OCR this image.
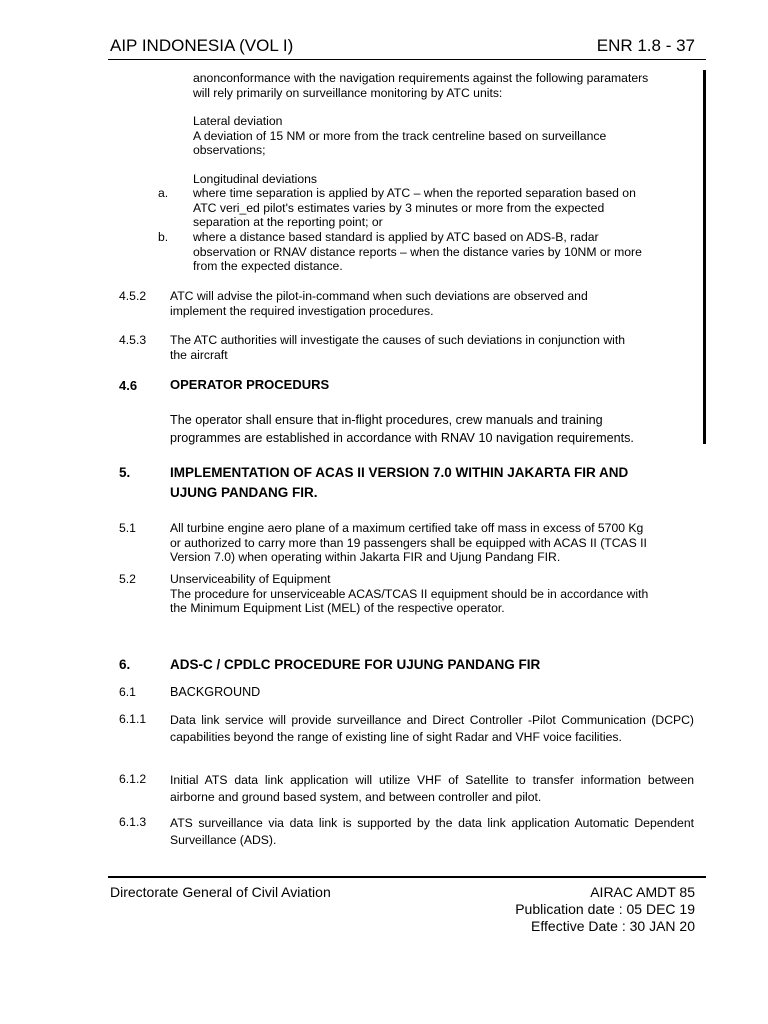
AIP INDONESIA (VOL I)	ENR 1.8 - 37
anonconformance with the navigation requirements against the following paramaters
will rely primarily on surveillance monitoring by ATC units:
Lateral deviation
A deviation of 15 NM or more from the track centreline based on surveillance
observations;
Longitudinal deviations
a. where time separation is applied by ATC – when the reported separation based on
ATC veri_ed pilot's estimates varies by 3 minutes or more from the expected
separation at the reporting point; or
b. where a distance based standard is applied by ATC based on ADS-B, radar
observation or RNAV distance reports – when the distance varies by 10NM or more
from the expected distance.
4.5.2 ATC will advise the pilot-in-command when such deviations are observed and
implement the required investigation procedures.
4.5.3 The ATC authorities will investigate the causes of such deviations in conjunction with
the aircraft
4.6	OPERATOR PROCEDURS
The operator shall ensure that in-flight procedures, crew manuals and training
programmes are established in accordance with RNAV 10 navigation requirements.
5.	IMPLEMENTATION OF ACAS II VERSION 7.0 WITHIN JAKARTA FIR AND
UJUNG PANDANG FIR.
5.1	All turbine engine aero plane of a maximum certified take off mass in excess of 5700 Kg
or authorized to carry more than 19 passengers shall be equipped with ACAS II (TCAS II
Version 7.0) when operating within Jakarta FIR and Ujung Pandang FIR.
5.2	Unserviceability of Equipment
The procedure for unserviceable ACAS/TCAS II equipment should be in accordance with
the Minimum Equipment List (MEL) of the respective operator.
6.	ADS-C / CPDLC PROCEDURE FOR UJUNG PANDANG FIR
6.1	BACKGROUND
6.1.1 Data link service will provide surveillance and Direct Controller -Pilot Communication (DCPC) capabilities beyond the range of existing line of sight Radar and VHF voice facilities.
6.1.2 Initial ATS data link application will utilize VHF of Satellite to transfer information between airborne and ground based system, and between controller and pilot.
6.1.3 ATS surveillance via data link is supported by the data link application Automatic Dependent Surveillance (ADS).
Directorate General of Civil Aviation	AIRAC AMDT 85
Publication date : 05 DEC 19
Effective Date : 30 JAN 20
